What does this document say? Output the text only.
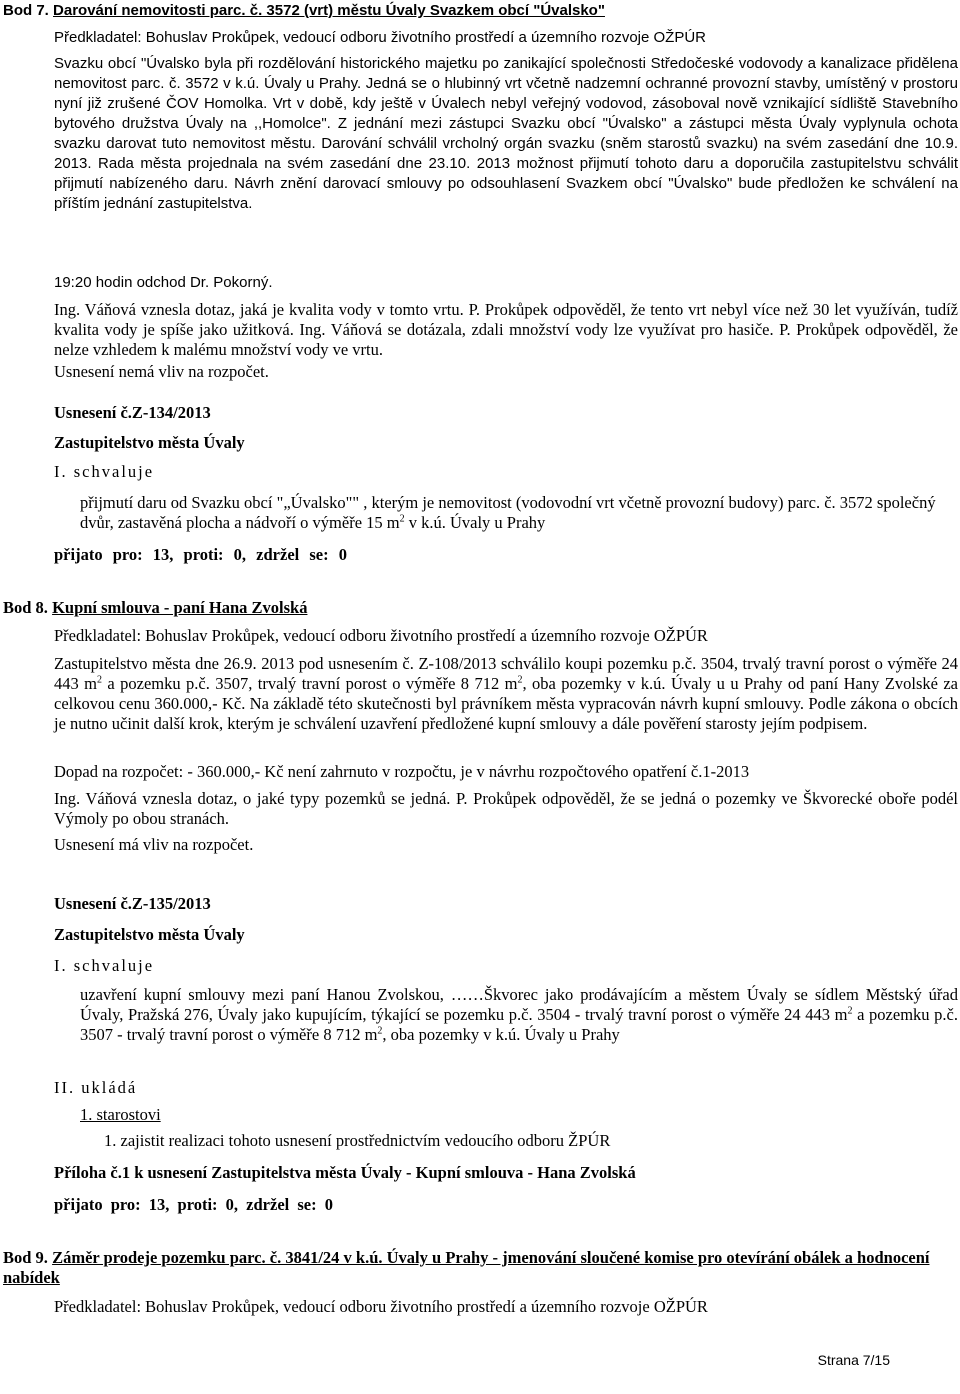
Bod 7. Darování nemovitosti parc. č. 3572 (vrt) městu Úvaly Svazkem obcí "Úvalsko"

Předkladatel: Bohuslav Prokůpek, vedoucí odboru životního prostředí a územního rozvoje OŽPÚR

Svazku obcí "Úvalsko byla při rozdělování historického majetku po zanikající společnosti Středočeské vodovody a kanalizace přidělena nemovitost parc. č. 3572 v k.ú. Úvaly u Prahy. Jedná se o hlubinný vrt včetně nadzemní ochranné provozní stavby, umístěný v prostoru nyní již zrušené ČOV Homolka. Vrt v době, kdy ještě v Úvalech nebyl veřejný vodovod, zásoboval nově vznikající sídliště Stavebního bytového družstva Úvaly na ,,Homolce". Z jednání mezi zástupci Svazku obcí "Úvalsko" a zástupci města Úvaly vyplynula ochota svazku darovat tuto nemovitost městu. Darování schválil vrcholný orgán svazku (sněm starostů svazku) na svém zasedání dne 10.9. 2013. Rada města projednala na svém zasedání dne 23.10. 2013 možnost přijmutí tohoto daru a doporučila zastupitelstvu schválit přijmutí nabízeného daru. Návrh znění darovací smlouvy po odsouhlasení Svazkem obcí "Úvalsko" bude předložen ke schválení na příštím jednání zastupitelstva.

19:20 hodin odchod Dr. Pokorný.

Ing. Váňová vznesla dotaz, jaká je kvalita vody v tomto vrtu. P. Prokůpek odpověděl, že tento vrt nebyl více než 30 let využíván, tudíž kvalita vody je spíše jako užitková. Ing. Váňová se dotázala, zdali množství vody lze využívat pro hasiče. P. Prokůpek odpověděl, že nelze vzhledem k malému množství vody ve vrtu.

Usnesení nemá vliv na rozpočet.

Usnesení č.Z-134/2013

Zastupitelstvo města Úvaly

I. schvaluje

přijmutí daru od Svazku obcí "„Úvalsko"" , kterým je nemovitost (vodovodní vrt včetně provozní budovy) parc. č. 3572 společný dvůr, zastavěná plocha a nádvoří o výměře 15 $m^2$ v k.ú. Úvaly u Prahy

přijato pro: 13, proti: 0, zdržel se: 0

Bod 8. Kupní smlouva - paní Hana Zvolská

Předkladatel: Bohuslav Prokůpek, vedoucí odboru životního prostředí a územního rozvoje OŽPÚR

Zastupitelstvo města dne 26.9. 2013 pod usnesením č. Z-108/2013 schválilo koupi pozemku p.č. 3504, trvalý travní porost o výměře 24 443 $m^2$ a pozemku p.č. 3507, trvalý travní porost o výměře 8 712 $m^2$, oba pozemky v k.ú. Úvaly u u Prahy od paní Hany Zvolské za celkovou cenu 360.000,- Kč. Na základě této skutečnosti byl právníkem města vypracován návrh kupní smlouvy. Podle zákona o obcích je nutno učinit další krok, kterým je schválení uzavření předložené kupní smlouvy a dále pověření starosty jejím podpisem.

Dopad na rozpočet: - 360.000,- Kč není zahrnuto v rozpočtu, je v návrhu rozpočtového opatření č.1-2013

Ing. Váňová vznesla dotaz, o jaké typy pozemků se jedná. P. Prokůpek odpověděl, že se jedná o pozemky ve Škvorecké oboře podél Výmoly po obou stranách.

Usnesení má vliv na rozpočet.

Usnesení č.Z-135/2013

Zastupitelstvo města Úvaly

I. schvaluje

uzavření kupní smlouvy mezi paní Hanou Zvolskou, ……Škvorec jako prodávajícím a městem Úvaly se sídlem Městský úřad Úvaly, Pražská 276, Úvaly jako kupujícím, týkající se pozemku p.č. 3504 - trvalý travní porost o výměře 24 443 $m^2$ a pozemku p.č. 3507 - trvalý travní porost o výměře 8 712 $m^2$, oba pozemky v k.ú. Úvaly u Prahy

II. ukládá

1. starostovi

1. zajistit realizaci tohoto usnesení prostřednictvím vedoucího odboru ŽPÚR

Příloha č.1 k usnesení Zastupitelstva města Úvaly - Kupní smlouva - Hana Zvolská

přijato pro: 13, proti: 0, zdržel se: 0

Bod 9. Záměr prodeje pozemku parc. č. 3841/24 v k.ú. Úvaly u Prahy - jmenování sloučené komise pro otevírání obálek a hodnocení nabídek

Předkladatel: Bohuslav Prokůpek, vedoucí odboru životního prostředí a územního rozvoje OŽPÚR

Strana 7/15
